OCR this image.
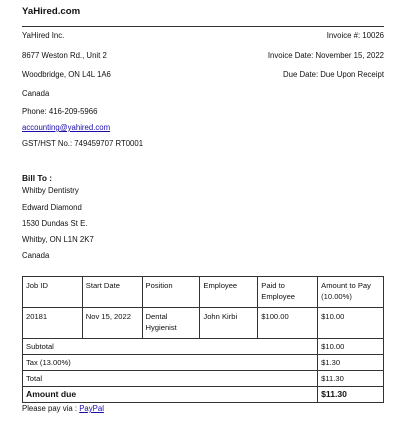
YaHired.com
YaHired Inc.
8677 Weston Rd., Unit 2
Woodbridge, ON L4L 1A6
Canada
Phone: 416-209-5966
accounting@yahired.com
GST/HST No.: 749459707 RT0001
Invoice #: 10026
Invoice Date: November 15, 2022
Due Date: Due Upon Receipt
Bill To :
Whitby Dentistry
Edward Diamond
1530 Dundas St E.
Whitby, ON L1N 2K7
Canada
Job ID	Start Date	Position	Employee	Paid to Employee	Amount to Pay (10.00%)
20181	Nov 15, 2022	Dental Hygienist	John Kirbi	$100.00	$10.00
Subtotal					$10.00
Tax (13.00%)					$1.30
Total					$11.30
Amount due					$11.30
Please pay via : PayPal
